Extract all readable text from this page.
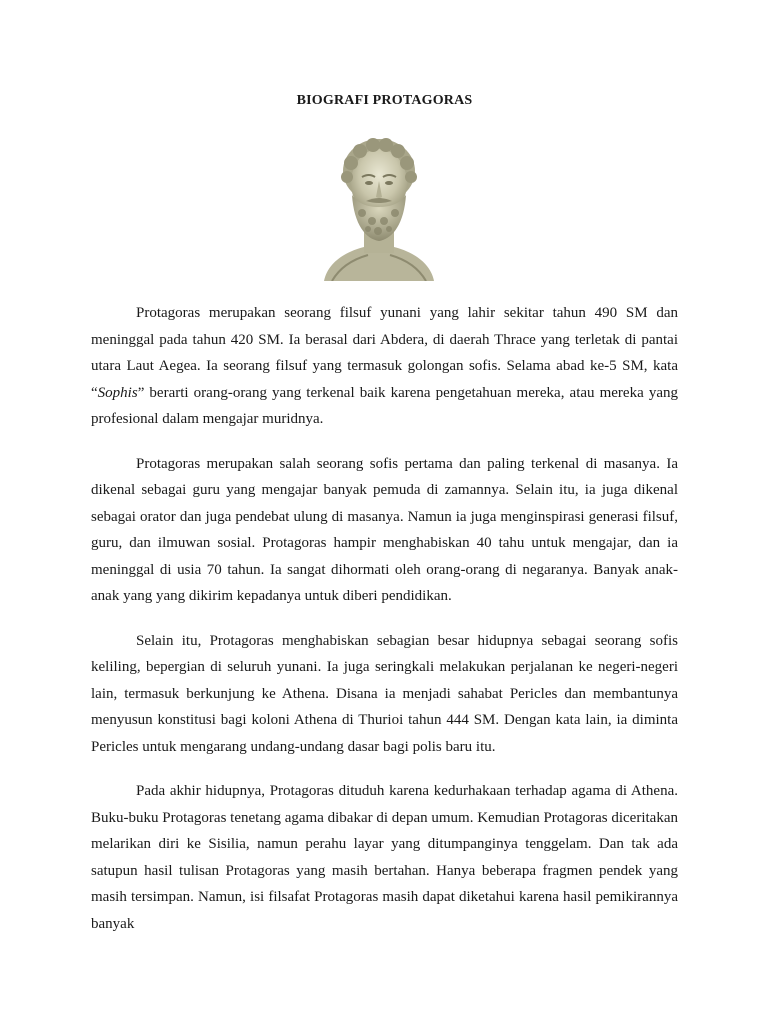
BIOGRAFI PROTAGORAS

Protagoras merupakan seorang filsuf yunani yang lahir sekitar tahun 490 SM dan meninggal pada tahun 420 SM. Ia berasal dari Abdera, di daerah Thrace yang terletak di pantai utara Laut Aegea. Ia seorang filsuf yang termasuk golongan sofis. Selama abad ke-5 SM, kata “Sophis” berarti orang-orang yang terkenal baik karena pengetahuan mereka, atau mereka yang profesional dalam mengajar muridnya.

Protagoras merupakan salah seorang sofis pertama dan paling terkenal di masanya. Ia dikenal sebagai guru yang mengajar banyak pemuda di zamannya. Selain itu, ia juga dikenal sebagai orator dan juga pendebat ulung di masanya. Namun ia juga menginspirasi generasi filsuf, guru, dan ilmuwan sosial. Protagoras hampir menghabiskan 40 tahu untuk mengajar, dan ia meninggal di usia 70 tahun. Ia sangat dihormati oleh orang-orang di negaranya. Banyak anak-anak yang yang dikirim kepadanya untuk diberi pendidikan.

Selain itu, Protagoras menghabiskan sebagian besar hidupnya sebagai seorang sofis keliling, bepergian di seluruh yunani. Ia juga seringkali melakukan perjalanan ke negeri-negeri lain, termasuk berkunjung ke Athena. Disana ia menjadi sahabat Pericles dan membantunya menyusun konstitusi bagi koloni Athena di Thurioi tahun 444 SM. Dengan kata lain, ia diminta Pericles untuk mengarang undang-undang dasar bagi polis baru itu.

Pada akhir hidupnya, Protagoras dituduh karena kedurhakaan terhadap agama di Athena. Buku-buku Protagoras tenetang agama dibakar di depan umum. Kemudian Protagoras diceritakan melarikan diri ke Sisilia, namun perahu layar yang ditumpanginya tenggelam. Dan tak ada satupun hasil tulisan Protagoras yang masih bertahan. Hanya beberapa fragmen pendek yang masih tersimpan. Namun, isi filsafat Protagoras masih dapat diketahui karena hasil pemikirannya banyak
